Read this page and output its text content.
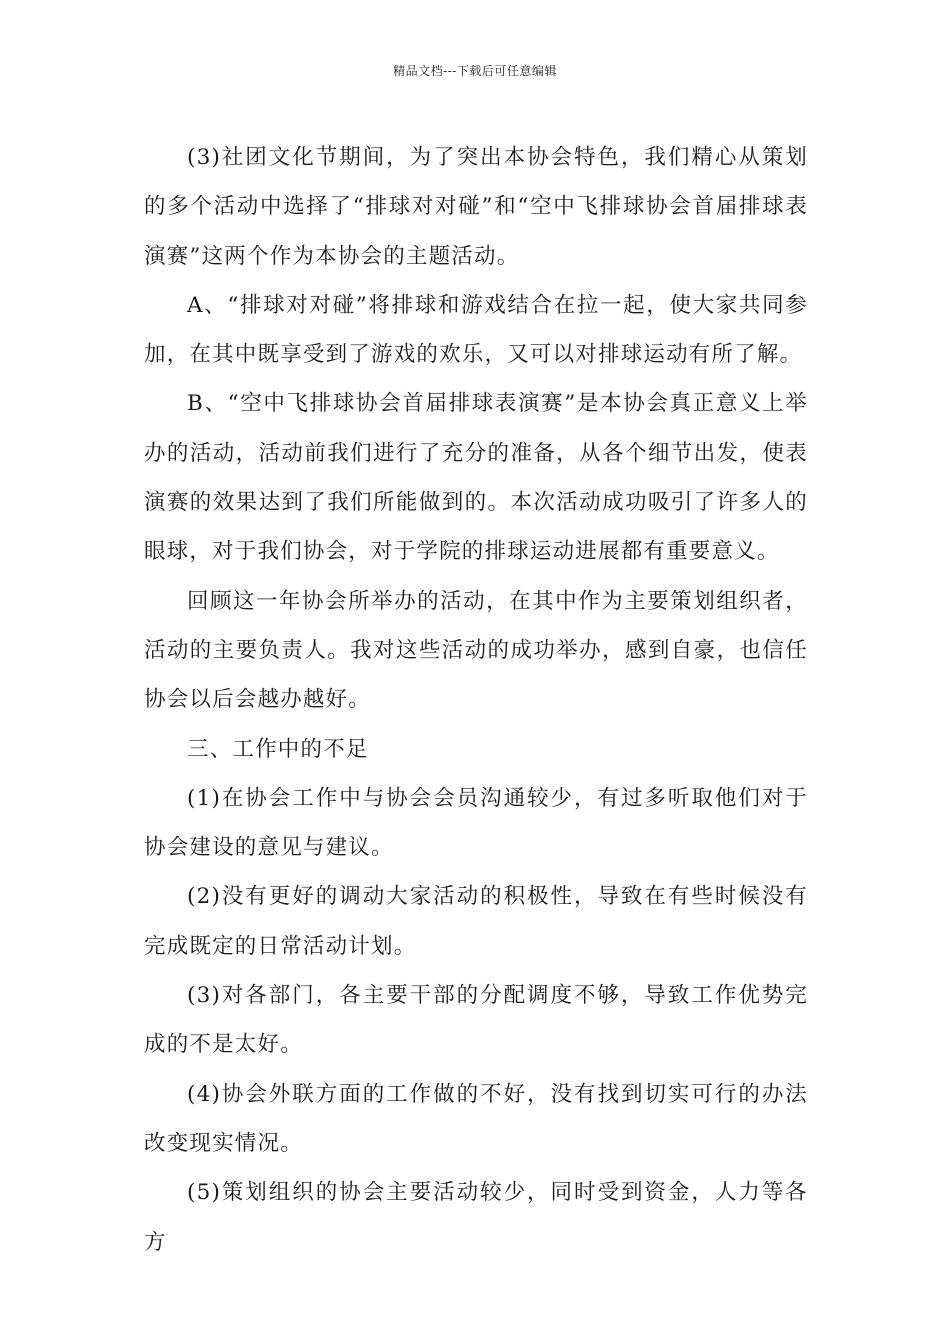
精品文档---下载后可任意编辑

(3)社团文化节期间，为了突出本协会特色，我们精心从策划的多个活动中选择了“排球对对碰”和“空中飞排球协会首届排球表演赛”这两个作为本协会的主题活动。

A、“排球对对碰”将排球和游戏结合在拉一起，使大家共同参加，在其中既享受到了游戏的欢乐，又可以对排球运动有所了解。

B、“空中飞排球协会首届排球表演赛”是本协会真正意义上举办的活动，活动前我们进行了充分的准备，从各个细节出发，使表演赛的效果达到了我们所能做到的。本次活动成功吸引了许多人的眼球，对于我们协会，对于学院的排球运动进展都有重要意义。

回顾这一年协会所举办的活动，在其中作为主要策划组织者，活动的主要负责人。我对这些活动的成功举办，感到自豪，也信任协会以后会越办越好。

三、工作中的不足

(1)在协会工作中与协会会员沟通较少，有过多听取他们对于协会建设的意见与建议。

(2)没有更好的调动大家活动的积极性，导致在有些时候没有完成既定的日常活动计划。

(3)对各部门，各主要干部的分配调度不够，导致工作优势完成的不是太好。

(4)协会外联方面的工作做的不好，没有找到切实可行的办法改变现实情况。

(5)策划组织的协会主要活动较少，同时受到资金，人力等各方
